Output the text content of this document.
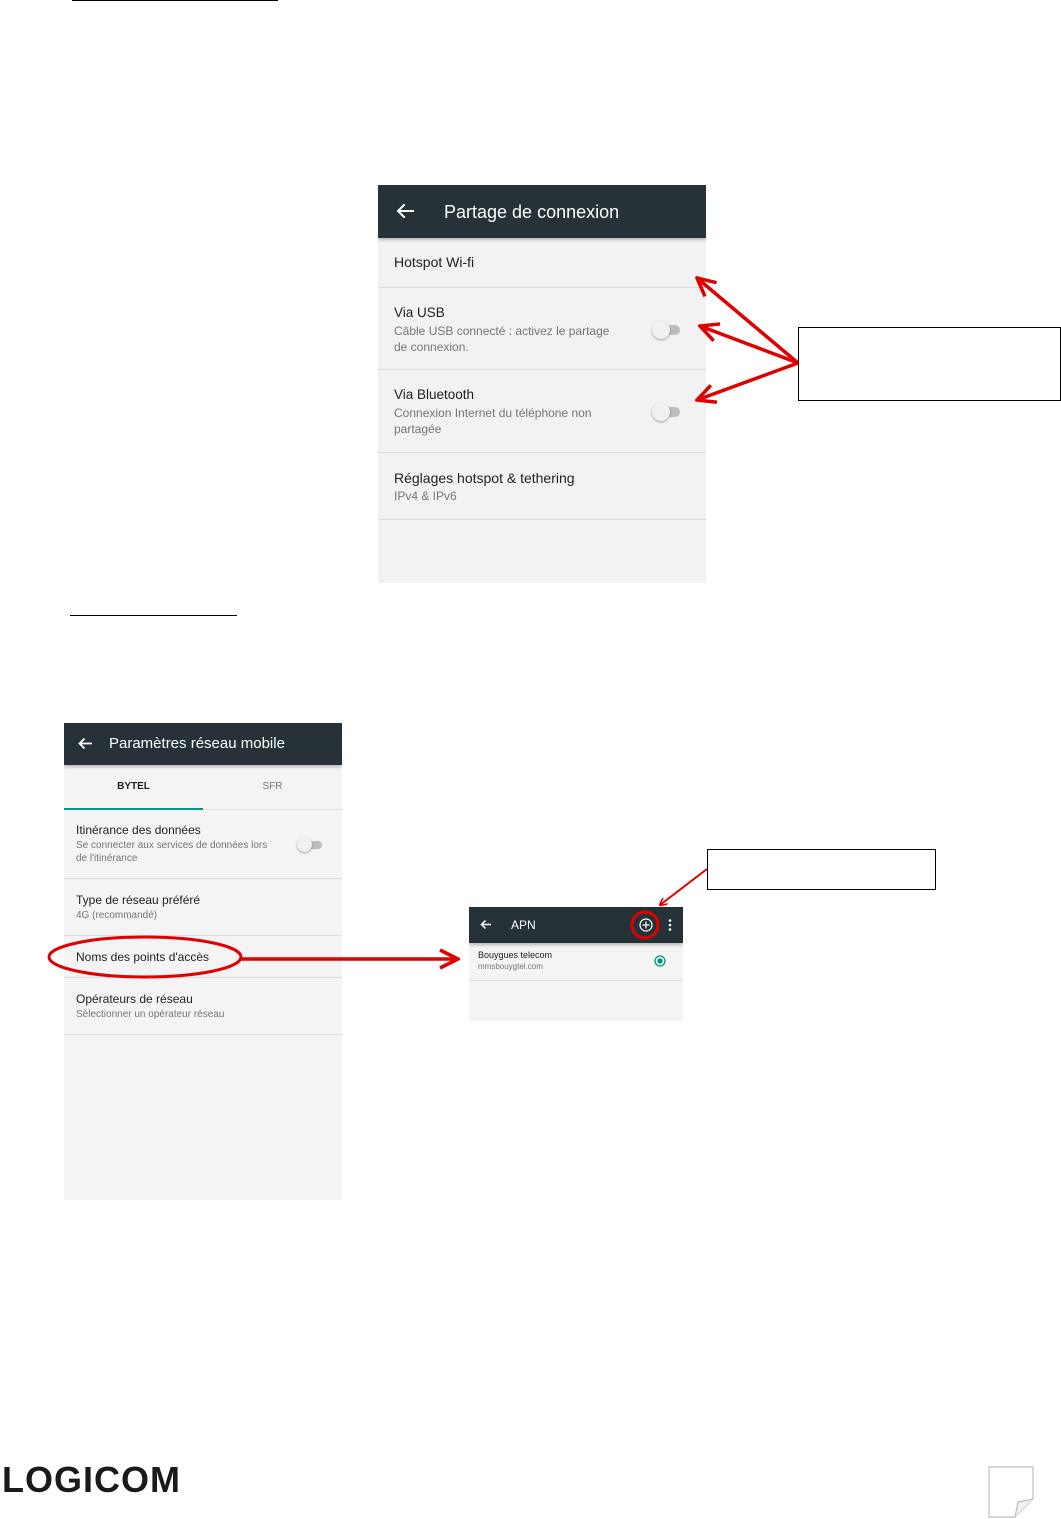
Partage de connexion
Hotspot Wi-fi
Via USB
Câble USB connecté : activez le partage
de connexion.
Via Bluetooth
Connexion Internet du téléphone non
partagée
Réglages hotspot & tethering
IPv4 & IPv6
Paramètres réseau mobile
BYTEL	SFR
Itinérance des données
Se connecter aux services de données lors
de l'itinérance
Type de réseau préféré
4G (recommandé)
Noms des points d'accès
Opérateurs de réseau
Sélectionner un opérateur réseau
APN
Bouygues telecom
mmsbouygtel.com
LOGICOM
